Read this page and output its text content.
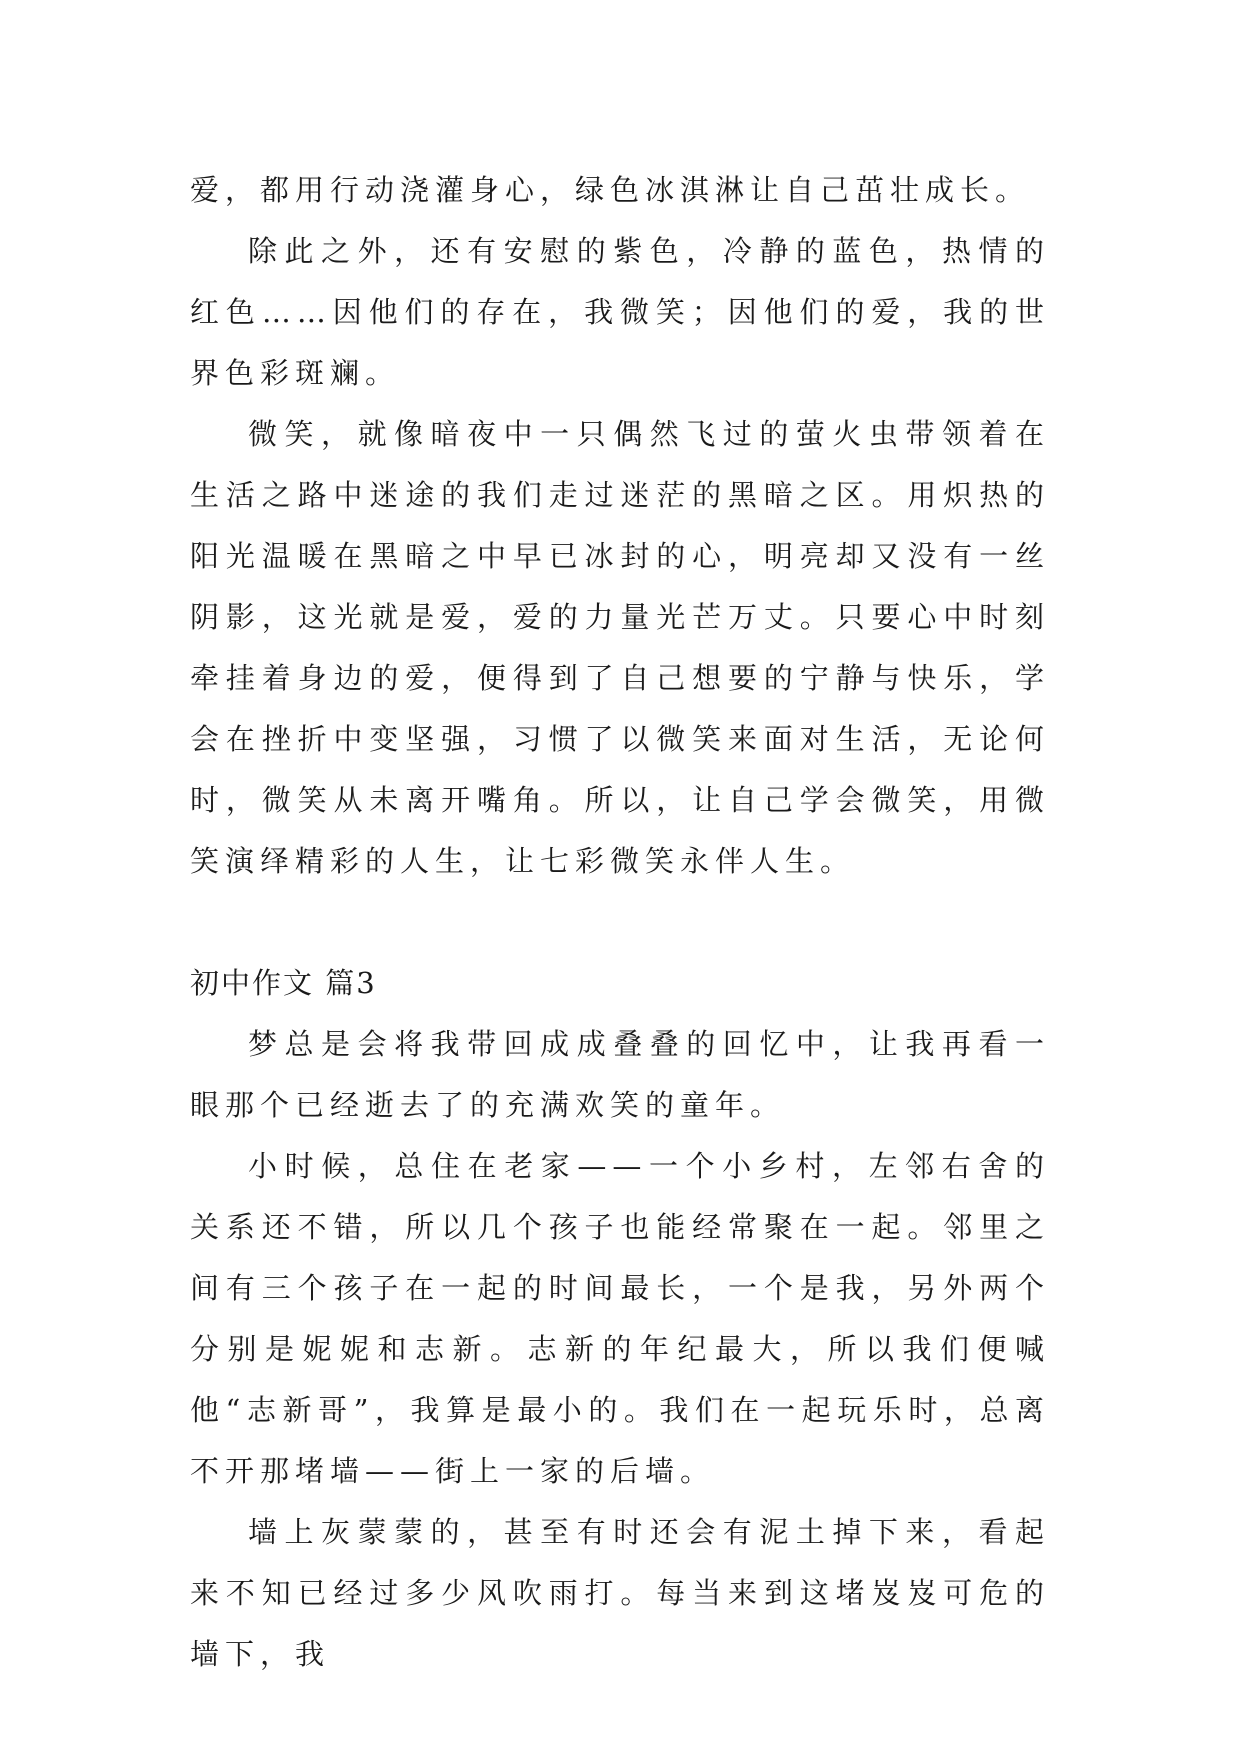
爱，都用行动浇灌身心，绿色冰淇淋让自己茁壮成长。

除此之外，还有安慰的紫色，冷静的蓝色，热情的红色……因他们的存在，我微笑；因他们的爱，我的世界色彩斑斓。

微笑，就像暗夜中一只偶然飞过的萤火虫带领着在生活之路中迷途的我们走过迷茫的黑暗之区。用炽热的阳光温暖在黑暗之中早已冰封的心，明亮却又没有一丝阴影，这光就是爱，爱的力量光芒万丈。只要心中时刻牵挂着身边的爱，便得到了自己想要的宁静与快乐，学会在挫折中变坚强，习惯了以微笑来面对生活，无论何时，微笑从未离开嘴角。所以，让自己学会微笑，用微笑演绎精彩的人生，让七彩微笑永伴人生。

初中作文 篇3

梦总是会将我带回成成叠叠的回忆中，让我再看一眼那个已经逝去了的充满欢笑的童年。

小时候，总住在老家——一个小乡村，左邻右舍的关系还不错，所以几个孩子也能经常聚在一起。邻里之间有三个孩子在一起的时间最长，一个是我，另外两个分别是妮妮和志新。志新的年纪最大，所以我们便喊他“志新哥”，我算是最小的。我们在一起玩乐时，总离不开那堵墙——街上一家的后墙。

墙上灰蒙蒙的，甚至有时还会有泥土掉下来，看起来不知已经过多少风吹雨打。每当来到这堵岌岌可危的墙下，我
